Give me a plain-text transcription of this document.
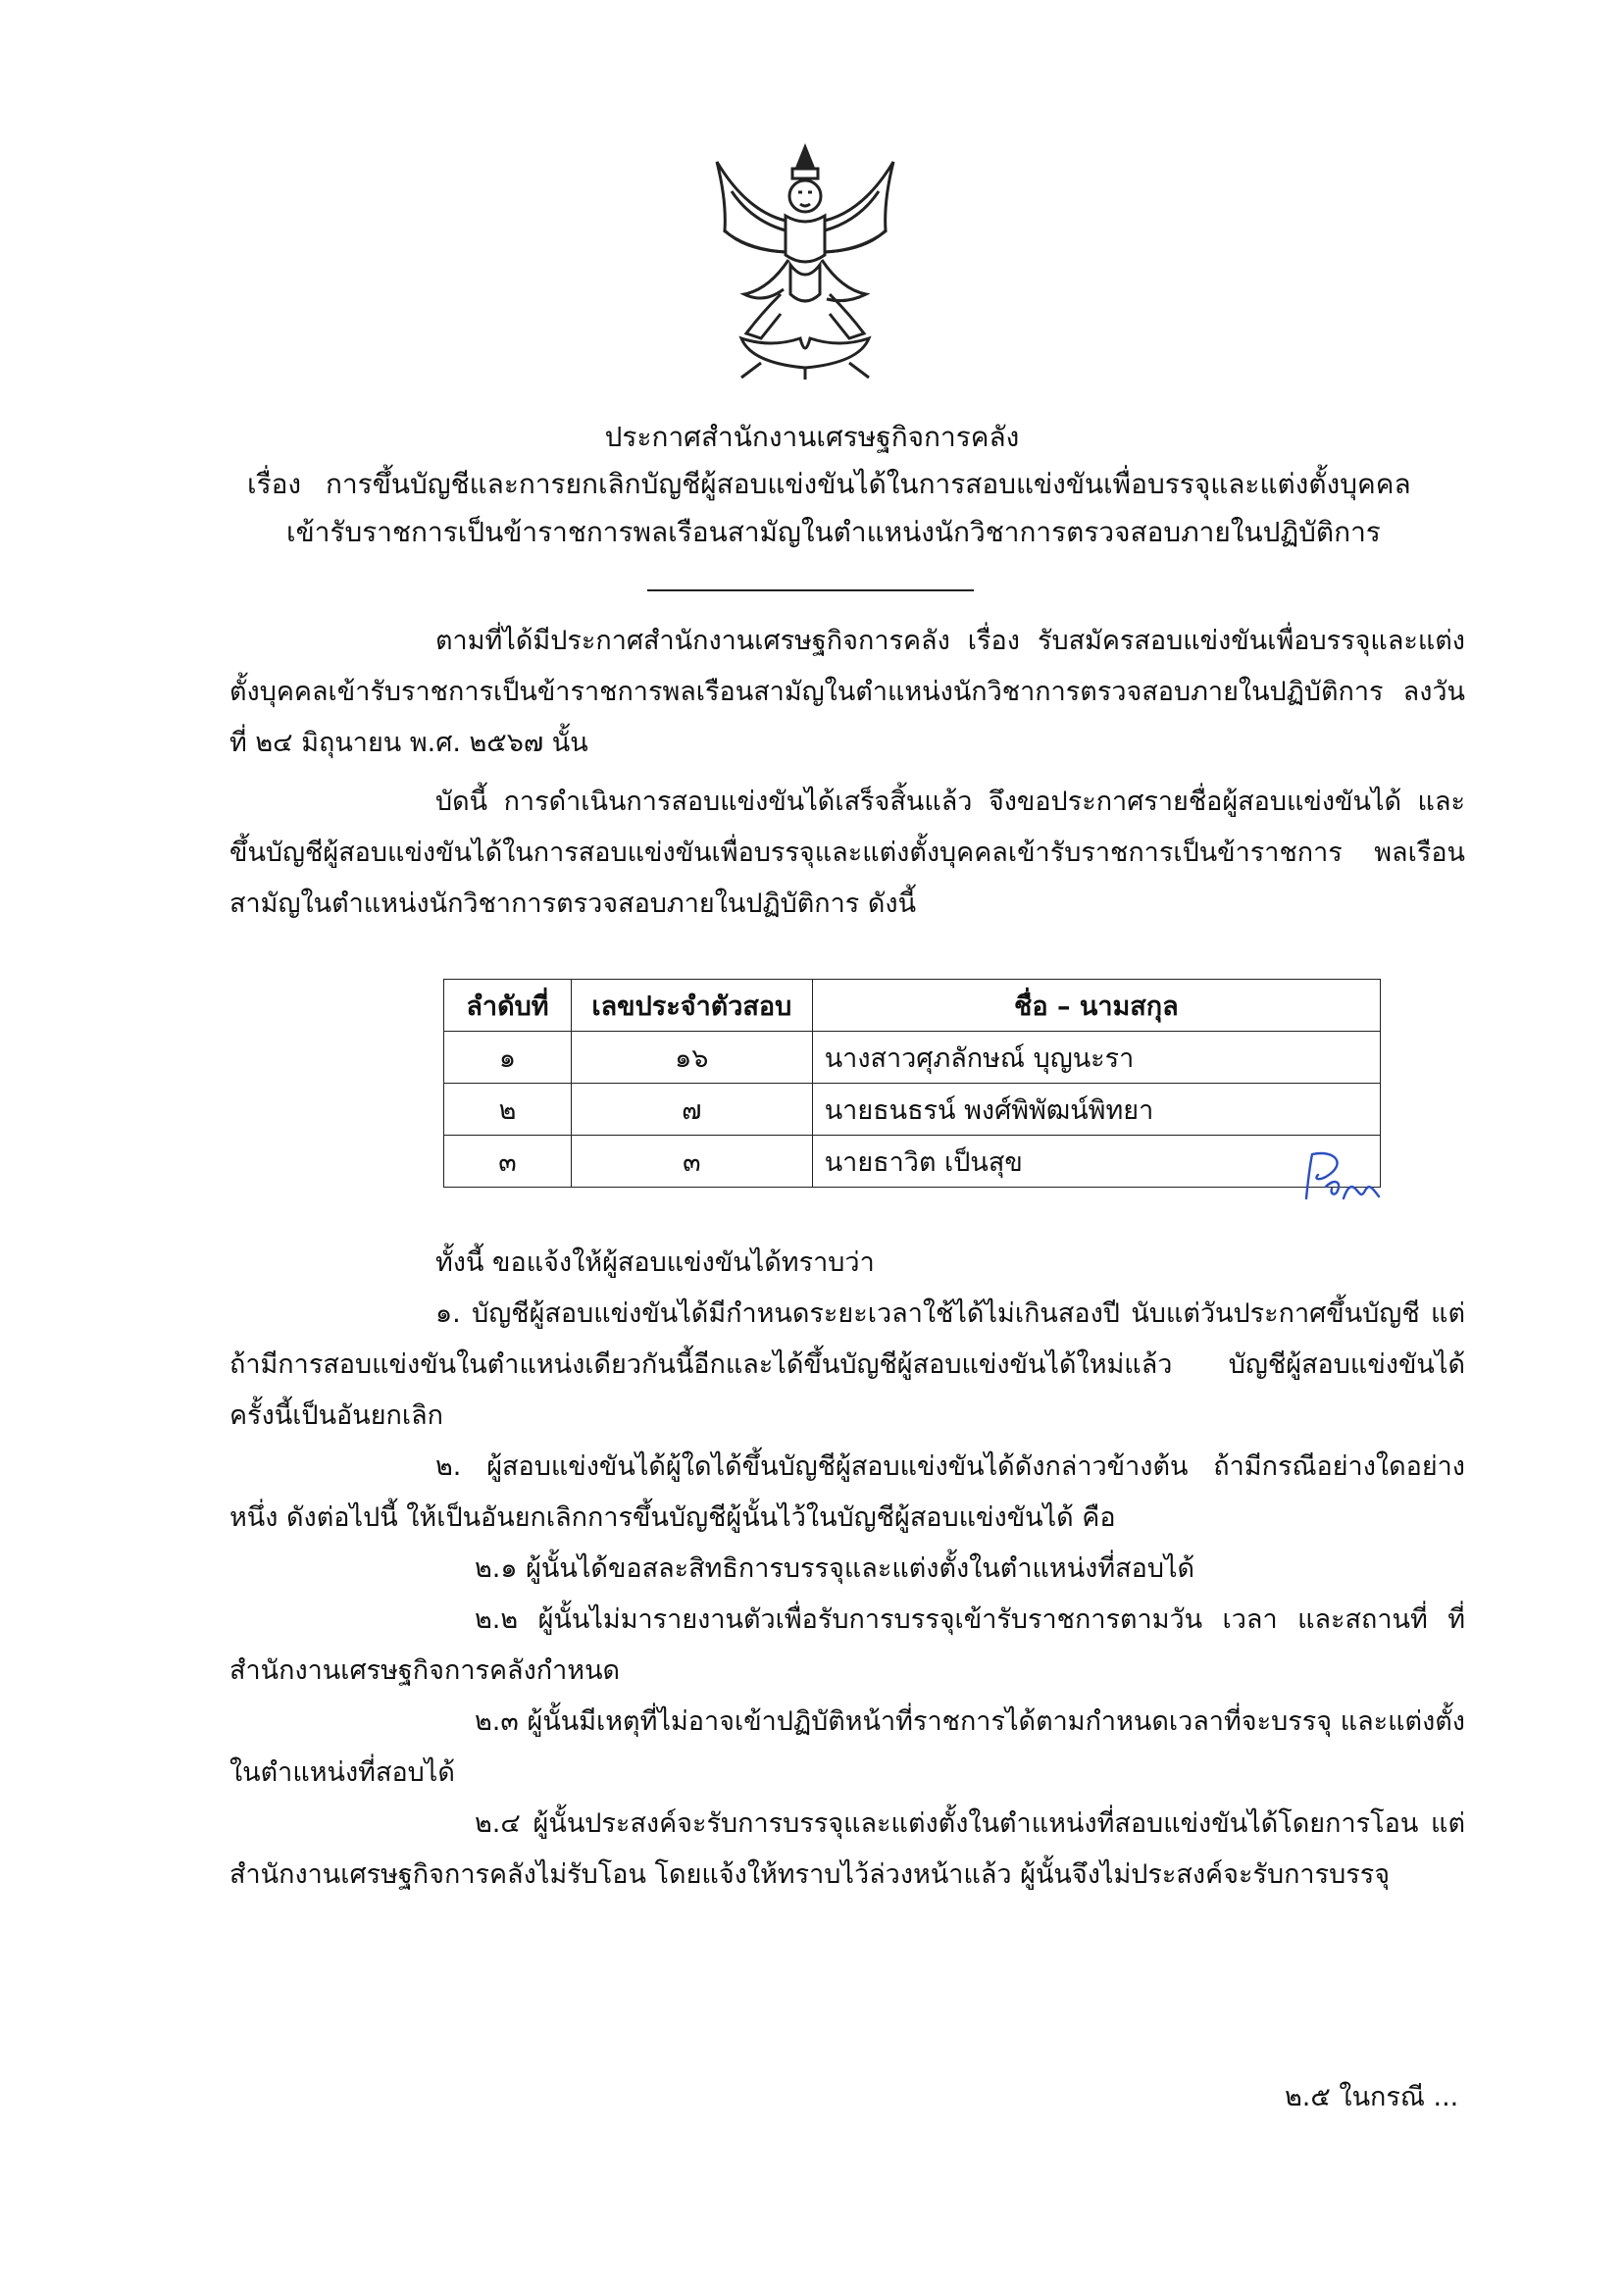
ประกาศสำนักงานเศรษฐกิจการคลัง
เรื่อง การขึ้นบัญชีและการยกเลิกบัญชีผู้สอบแข่งขันได้ในการสอบแข่งขันเพื่อบรรจุและแต่งตั้งบุคคล
เข้ารับราชการเป็นข้าราชการพลเรือนสามัญในตำแหน่งนักวิชาการตรวจสอบภายในปฏิบัติการ
ตามที่ได้มีประกาศสำนักงานเศรษฐกิจการคลัง เรื่อง รับสมัครสอบแข่งขันเพื่อบรรจุและแต่งตั้งบุคคลเข้ารับราชการเป็นข้าราชการพลเรือนสามัญในตำแหน่งนักวิชาการตรวจสอบภายในปฏิบัติการ ลงวันที่ ๒๔ มิถุนายน พ.ศ. ๒๕๖๗ นั้น
บัดนี้ การดำเนินการสอบแข่งขันได้เสร็จสิ้นแล้ว จึงขอประกาศรายชื่อผู้สอบแข่งขันได้ และขึ้นบัญชีผู้สอบแข่งขันได้ในการสอบแข่งขันเพื่อบรรจุและแต่งตั้งบุคคลเข้ารับราชการเป็นข้าราชการ พลเรือนสามัญในตำแหน่งนักวิชาการตรวจสอบภายในปฏิบัติการ ดังนี้
ลำดับที่	เลขประจำตัวสอบ	ชื่อ – นามสกุล
๑	๑๖	นางสาวศุภลักษณ์ บุญนะรา
๒	๗	นายธนธรน์ พงศ์พิพัฒน์พิทยา
๓	๓	นายธาวิต เป็นสุข
ทั้งนี้ ขอแจ้งให้ผู้สอบแข่งขันได้ทราบว่า
๑. บัญชีผู้สอบแข่งขันได้มีกำหนดระยะเวลาใช้ได้ไม่เกินสองปี นับแต่วันประกาศขึ้นบัญชี แต่ถ้ามีการสอบแข่งขันในตำแหน่งเดียวกันนี้อีกและได้ขึ้นบัญชีผู้สอบแข่งขันได้ใหม่แล้ว บัญชีผู้สอบแข่งขันได้ ครั้งนี้เป็นอันยกเลิก
๒. ผู้สอบแข่งขันได้ผู้ใดได้ขึ้นบัญชีผู้สอบแข่งขันได้ดังกล่าวข้างต้น ถ้ามีกรณีอย่างใดอย่างหนึ่ง ดังต่อไปนี้ ให้เป็นอันยกเลิกการขึ้นบัญชีผู้นั้นไว้ในบัญชีผู้สอบแข่งขันได้ คือ
๒.๑ ผู้นั้นได้ขอสละสิทธิการบรรจุและแต่งตั้งในตำแหน่งที่สอบได้
๒.๒ ผู้นั้นไม่มารายงานตัวเพื่อรับการบรรจุเข้ารับราชการตามวัน เวลา และสถานที่ ที่สำนักงานเศรษฐกิจการคลังกำหนด
๒.๓ ผู้นั้นมีเหตุที่ไม่อาจเข้าปฏิบัติหน้าที่ราชการได้ตามกำหนดเวลาที่จะบรรจุ และแต่งตั้งในตำแหน่งที่สอบได้
๒.๔ ผู้นั้นประสงค์จะรับการบรรจุและแต่งตั้งในตำแหน่งที่สอบแข่งขันได้โดยการโอน แต่สำนักงานเศรษฐกิจการคลังไม่รับโอน โดยแจ้งให้ทราบไว้ล่วงหน้าแล้ว ผู้นั้นจึงไม่ประสงค์จะรับการบรรจุ
๒.๕ ในกรณี ...
